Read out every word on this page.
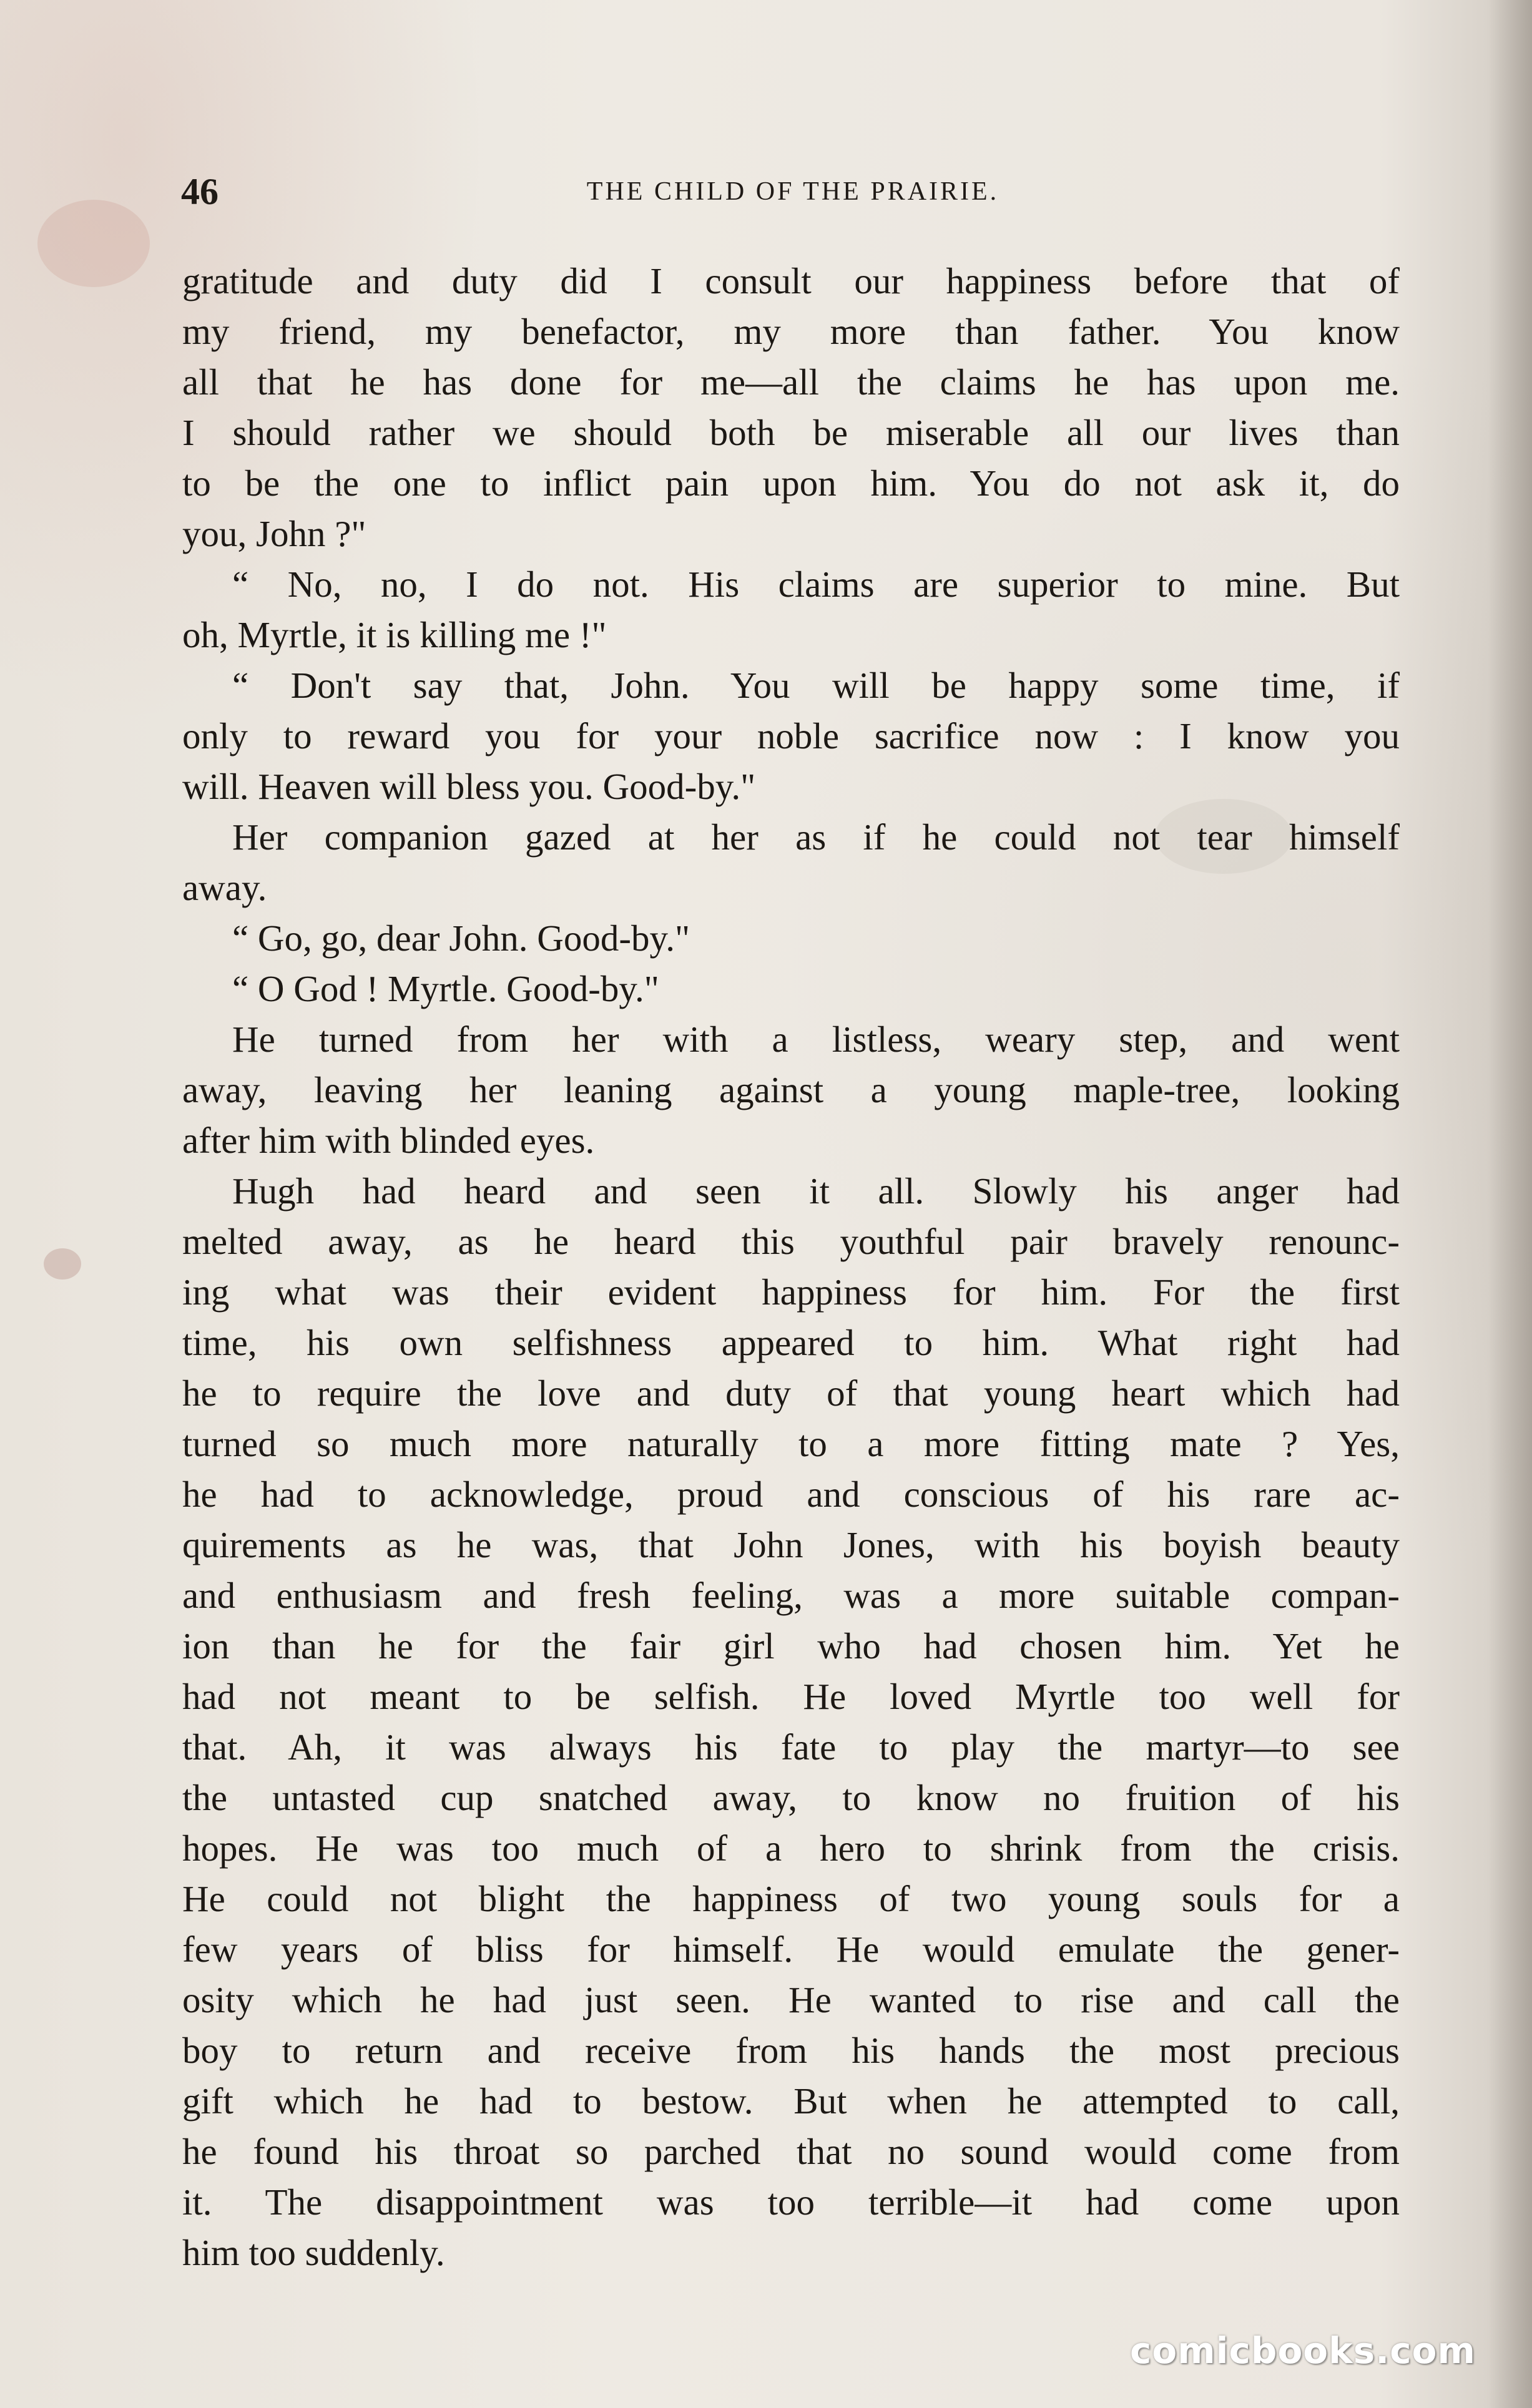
46	THE CHILD OF THE PRAIRIE.
gratitude and duty did I consult our happiness before that of
my friend, my benefactor, my more than father. You know
all that he has done for me—all the claims he has upon me.
I should rather we should both be miserable all our lives than
to be the one to inflict pain upon him. You do not ask it, do
you, John ?"
“ No, no, I do not. His claims are superior to mine. But
oh, Myrtle, it is killing me !"
“ Don't say that, John. You will be happy some time, if
only to reward you for your noble sacrifice now : I know you
will. Heaven will bless you. Good-by."
Her companion gazed at her as if he could not tear himself
away.
“ Go, go, dear John. Good-by."
“ O God ! Myrtle. Good-by."
He turned from her with a listless, weary step, and went
away, leaving her leaning against a young maple-tree, looking
after him with blinded eyes.
Hugh had heard and seen it all. Slowly his anger had
melted away, as he heard this youthful pair bravely renounc-
ing what was their evident happiness for him. For the first
time, his own selfishness appeared to him. What right had
he to require the love and duty of that young heart which had
turned so much more naturally to a more fitting mate ? Yes,
he had to acknowledge, proud and conscious of his rare ac-
quirements as he was, that John Jones, with his boyish beauty
and enthusiasm and fresh feeling, was a more suitable compan-
ion than he for the fair girl who had chosen him. Yet he
had not meant to be selfish. He loved Myrtle too well for
that. Ah, it was always his fate to play the martyr—to see
the untasted cup snatched away, to know no fruition of his
hopes. He was too much of a hero to shrink from the crisis.
He could not blight the happiness of two young souls for a
few years of bliss for himself. He would emulate the gener-
osity which he had just seen. He wanted to rise and call the
boy to return and receive from his hands the most precious
gift which he had to bestow. But when he attempted to call,
he found his throat so parched that no sound would come from
it. The disappointment was too terrible—it had come upon
him too suddenly.
comicbooks.com
